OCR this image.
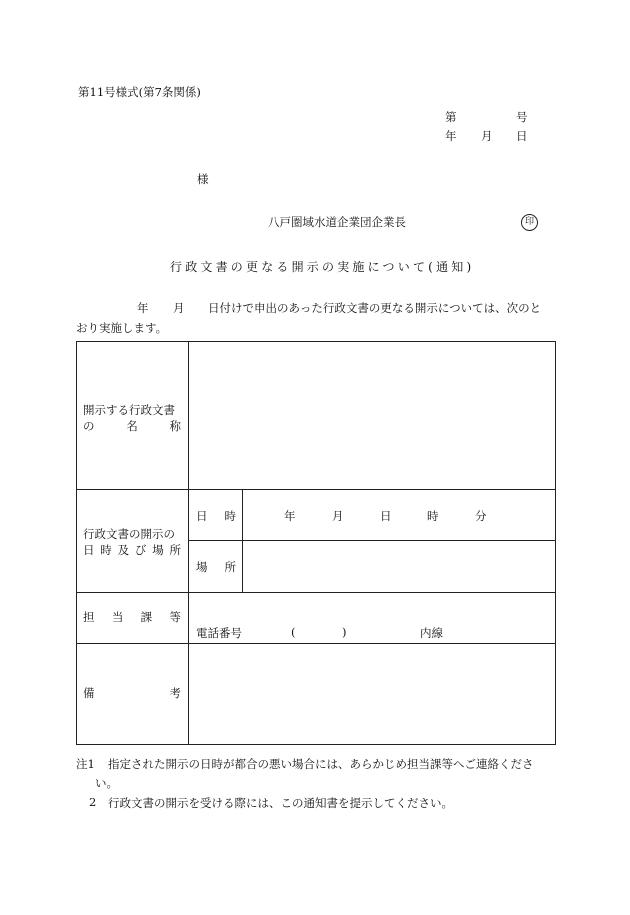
第11号様式(第7条関係)
第	号
年 月 日
様
八戸圏域水道企業団企業長	印
行政文書の更なる開示の実施について(通知)
年 月 日付けで申出のあった行政文書の更なる開示については、次のと
おり実施します。
開示する行政文書
の	名	称
行政文書の開示の
日 時 及 び 場 所
日 時	年	月	日	時	分
場 所
担 当 課 等
電話番号	(	)	内線
備	考
注1 指定された開示の日時が都合の悪い場合には、あらかじめ担当課等へご連絡くださ
い。
2 行政文書の開示を受ける際には、この通知書を提示してください。
